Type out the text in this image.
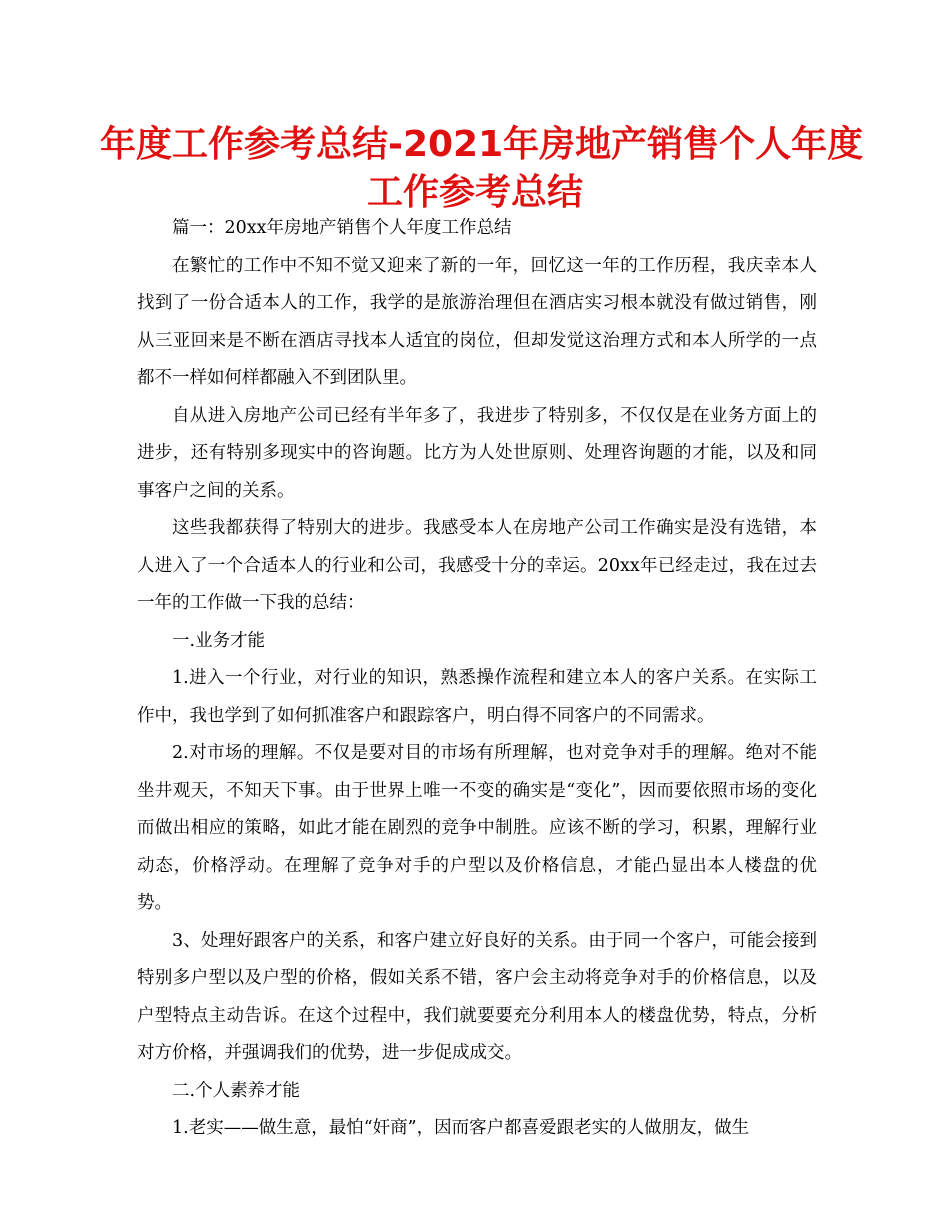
年度工作参考总结-2021年房地产销售个人年度
工作参考总结

篇一：20xx年房地产销售个人年度工作总结

在繁忙的工作中不知不觉又迎来了新的一年，回忆这一年的工作历程，我庆幸本人找到了一份合适本人的工作，我学的是旅游治理但在酒店实习根本就没有做过销售，刚从三亚回来是不断在酒店寻找本人适宜的岗位，但却发觉这治理方式和本人所学的一点都不一样如何样都融入不到团队里。

自从进入房地产公司已经有半年多了，我进步了特别多，不仅仅是在业务方面上的进步，还有特别多现实中的咨询题。比方为人处世原则、处理咨询题的才能，以及和同事客户之间的关系。

这些我都获得了特别大的进步。我感受本人在房地产公司工作确实是没有选错，本人进入了一个合适本人的行业和公司，我感受十分的幸运。20xx年已经走过，我在过去一年的工作做一下我的总结：

一.业务才能

1.进入一个行业，对行业的知识，熟悉操作流程和建立本人的客户关系。在实际工作中，我也学到了如何抓准客户和跟踪客户，明白得不同客户的不同需求。

2.对市场的理解。不仅是要对目的市场有所理解，也对竞争对手的理解。绝对不能坐井观天，不知天下事。由于世界上唯一不变的确实是“变化”，因而要依照市场的变化而做出相应的策略，如此才能在剧烈的竞争中制胜。应该不断的学习，积累，理解行业动态，价格浮动。在理解了竞争对手的户型以及价格信息，才能凸显出本人楼盘的优势。

3、处理好跟客户的关系，和客户建立好良好的关系。由于同一个客户，可能会接到特别多户型以及户型的价格，假如关系不错，客户会主动将竞争对手的价格信息，以及户型特点主动告诉。在这个过程中，我们就要要充分利用本人的楼盘优势，特点，分析对方价格，并强调我们的优势，进一步促成成交。

二.个人素养才能

1.老实——做生意，最怕“奸商”，因而客户都喜爱跟老实的人做朋友，做生
